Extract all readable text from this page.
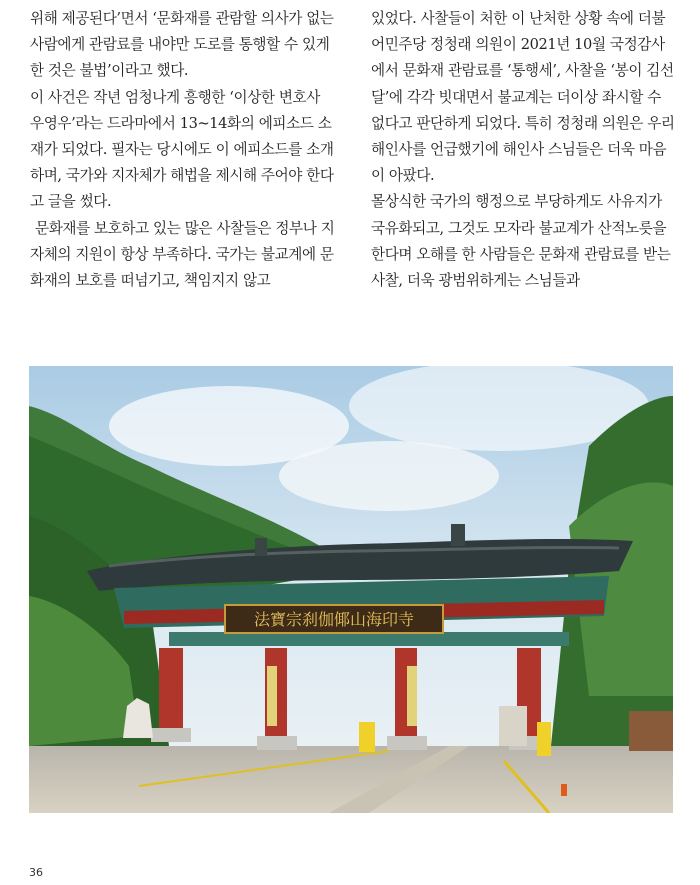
위해 제공된다’면서 ‘문화재를 관람할 의사가 없는 사람에게 관람료를 내야만 도로를 통행할 수 있게 한 것은 불법’이라고 했다.

이 사건은 작년 엄청나게 흥행한 ‘이상한 변호사 우영우’라는 드라마에서 13~14화의 에피소드 소재가 되었다. 필자는 당시에도 이 에피소드를 소개하며, 국가와 지자체가 해법을 제시해 주어야 한다고 글을 썼다.

문화재를 보호하고 있는 많은 사찰들은 정부나 지자체의 지원이 항상 부족하다. 국가는 불교계에 문화재의 보호를 떠넘기고, 책임지지 않고

있었다. 사찰들이 처한 이 난처한 상황 속에 더불어민주당 정청래 의원이 2021년 10월 국정감사에서 문화재 관람료를 ‘통행세’, 사찰을 ‘봉이 김선달’에 각각 빗대면서 불교계는 더이상 좌시할 수 없다고 판단하게 되었다. 특히 정청래 의원은 우리 해인사를 언급했기에 해인사 스님들은 더욱 마음이 아팠다.

몰상식한 국가의 행정으로 부당하게도 사유지가 국유화되고, 그것도 모자라 불교계가 산적노릇을 한다며 오해를 한 사람들은 문화재 관람료를 받는 사찰, 더욱 광범위하게는 스님들과

法寶宗刹伽倻山海印寺
36
